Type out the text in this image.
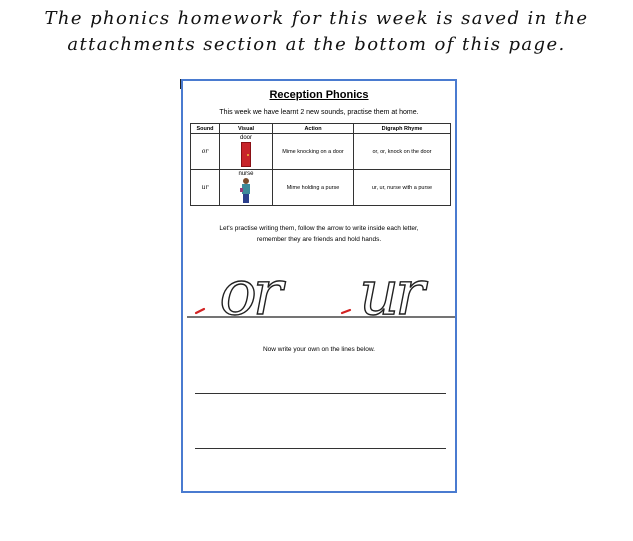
The phonics homework for this week is saved in the
attachments section at the bottom of this page.
Reception Phonics
This week we have learnt 2 new sounds, practise them at home.
Sound	Visual	Action	Digraph Rhyme
or	door	Mime knocking on a door	or, or, knock on the door
ur	nurse	Mime holding a purse	ur, ur, nurse with a purse
Let's practise writing them, follow the arrow to write inside each letter,
remember they are friends and hold hands.
or ur
Now write your own on the lines below.
